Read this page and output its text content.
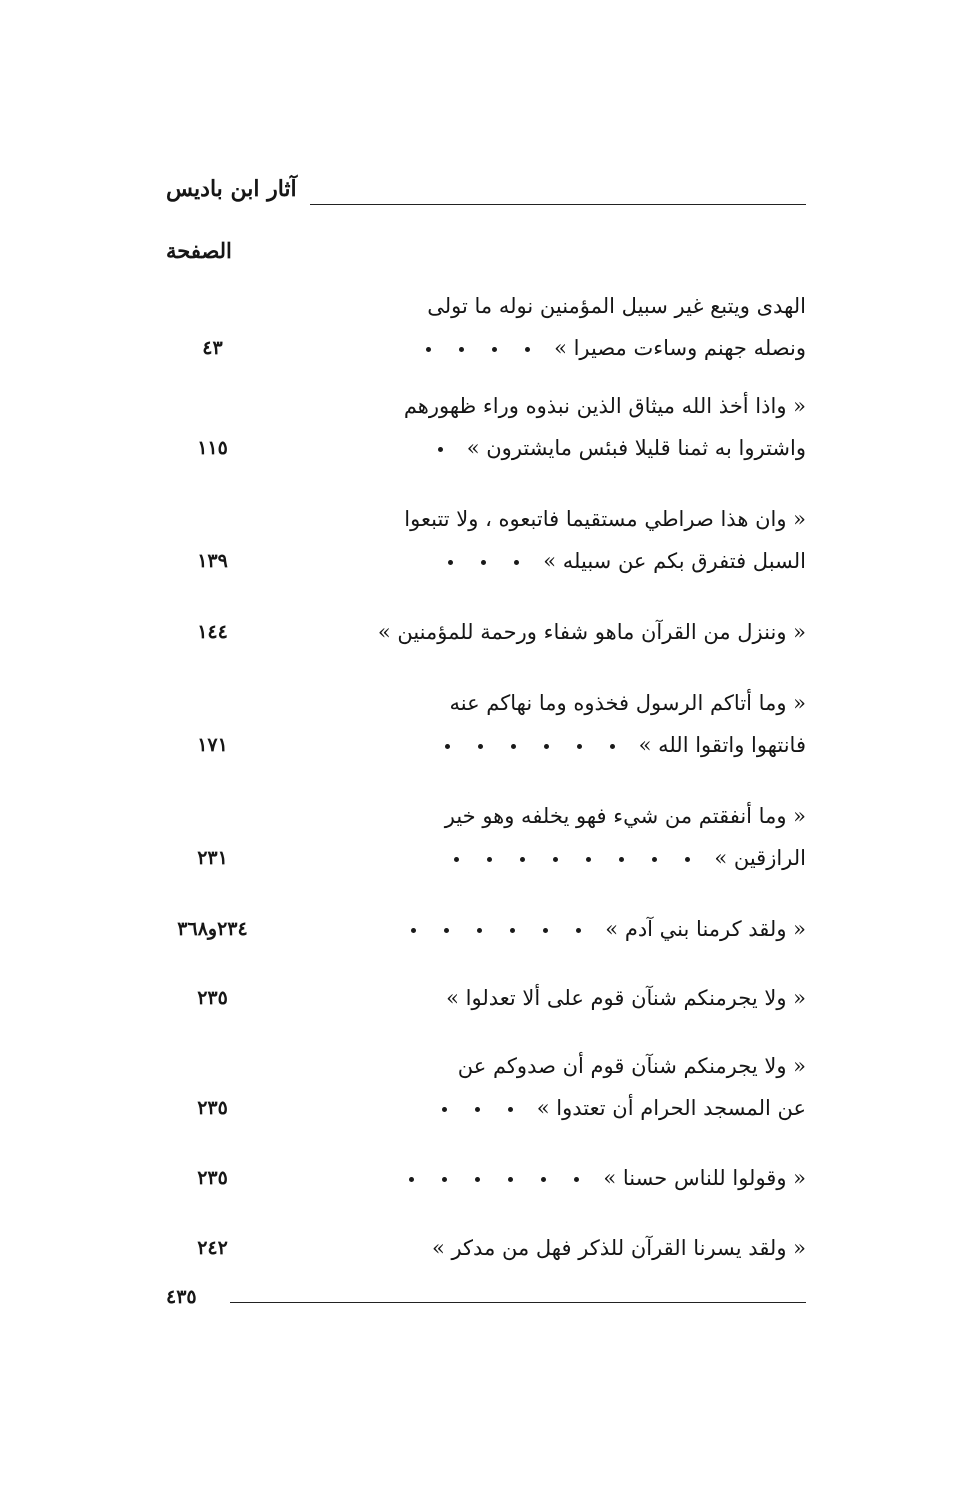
آثار ابن باديس
الصفحة
الهدى ويتبع غير سبيل المؤمنين نوله ما تولى
ونصله جهنم وساءت مصيرا »
٤٣
« واذا أخذ الله ميثاق الذين نبذوه وراء ظهورهم
واشتروا به ثمنا قليلا فبئس مايشترون »
١١٥
« وان هذا صراطي مستقيما فاتبعوه ، ولا تتبعوا
السبل فتفرق بكم عن سبيله »
١٣٩
« وننزل من القرآن ماهو شفاء ورحمة للمؤمنين »
١٤٤
« وما أتاكم الرسول فخذوه وما نهاكم عنه
فانتهوا واتقوا الله »
١٧١
« وما أنفقتم من شيء فهو يخلفه وهو خير
الرازقين »
٢٣١
« ولقد كرمنا بني آدم »
٢٣٤و٣٦٨
« ولا يجرمنكم شنآن قوم على ألا تعدلوا »
٢٣٥
« ولا يجرمنكم شنآن قوم أن صدوكم عن
عن المسجد الحرام أن تعتدوا »
٢٣٥
« وقولوا للناس حسنا »
٢٣٥
« ولقد يسرنا القرآن للذكر فهل من مدكر »
٢٤٢
٤٣٥
